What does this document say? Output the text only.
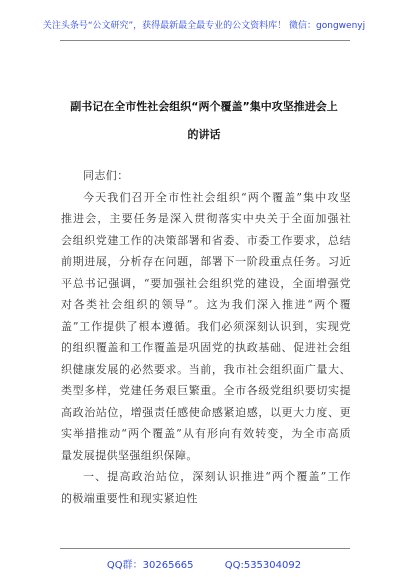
关注头条号“公文研究”，获得最新最全最专业的公文资料库！ 微信：gongwenyj
副书记在全市性社会组织“两个覆盖”集中攻坚推进会上
的讲话
同志们：
今天我们召开全市性社会组织“两个覆盖”集中攻坚
推进会，主要任务是深入贯彻落实中央关于全面加强社
会组织党建工作的决策部署和省委、市委工作要求，总结
前期进展，分析存在问题，部署下一阶段重点任务。习近
平总书记强调，“要加强社会组织党的建设，全面增强党
对各类社会组织的领导”。这为我们深入推进“两个覆
盖”工作提供了根本遵循。我们必须深刻认识到，实现党
的组织覆盖和工作覆盖是巩固党的执政基础、促进社会组
织健康发展的必然要求。当前，我市社会组织面广量大、
类型多样，党建任务艰巨繁重。全市各级党组织要切实提
高政治站位，增强责任感使命感紧迫感，以更大力度、更
实举措推动“两个覆盖”从有形向有效转变，为全市高质
量发展提供坚强组织保障。
一、提高政治站位，深刻认识推进“两个覆盖”工作
的极端重要性和现实紧迫性
QQ群：30265665	QQ:535304092
